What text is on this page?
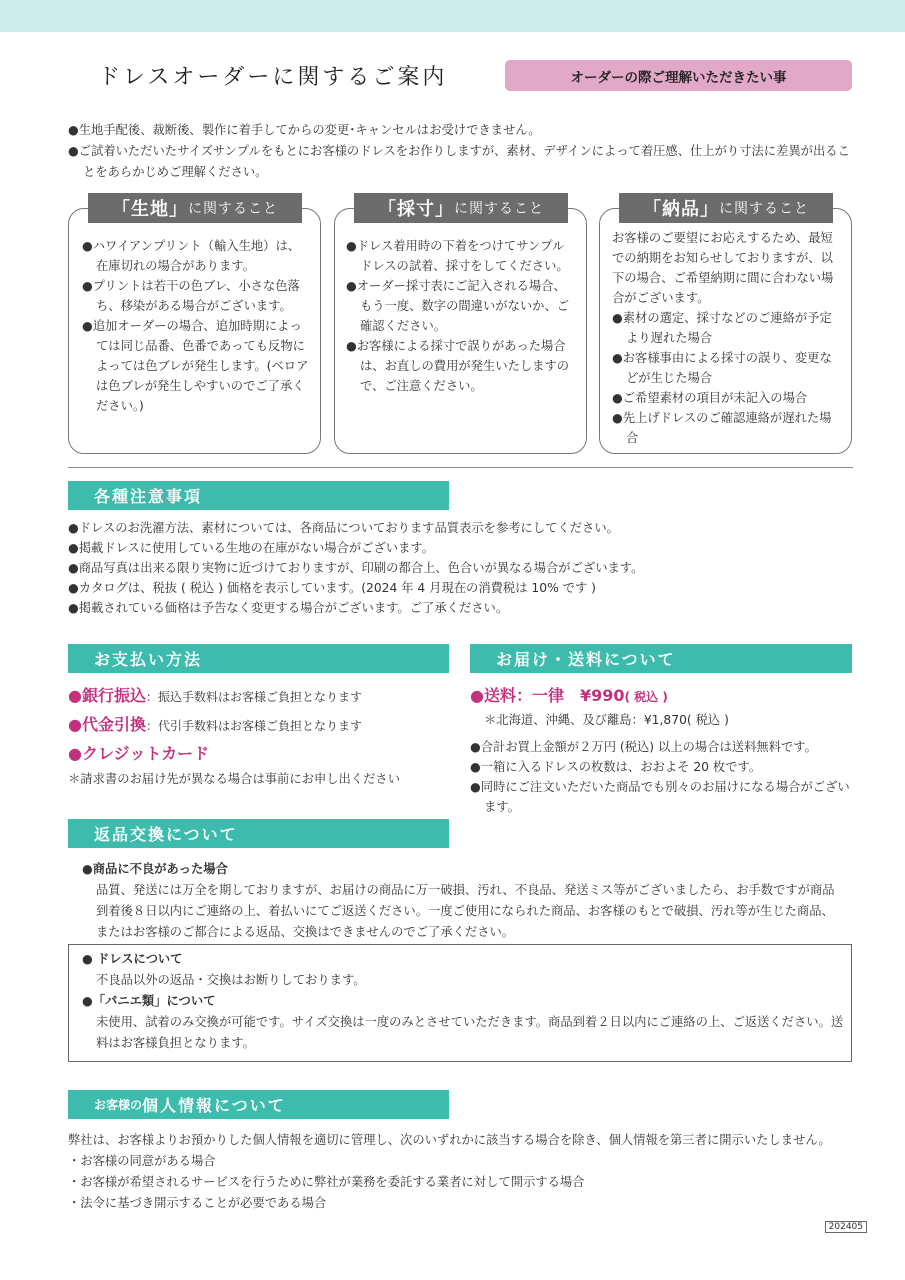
ドレスオーダーに関するご案内	オーダーの際ご理解いただきたい事

●生地手配後、裁断後、製作に着手してからの変更･キャンセルはお受けできません。

●ご試着いただいたサイズサンプルをもとにお客様のドレスをお作りしますが、素材、デザインによって着圧感、仕上がり寸法に差異が出ることをあらかじめご理解ください。

「生地」 に関すること

●ハワイアンプリント（輸入生地）は、在庫切れの場合があります。

●プリントは若干の色ブレ、小さな色落ち、移染がある場合がございます。

●追加オーダーの場合、追加時期によっては同じ品番、色番であっても反物によっては色ブレが発生します。(ベロアは色ブレが発生しやすいのでご了承ください。)

「採寸」 に関すること

●ドレス着用時の下着をつけてサンプルドレスの試着、採寸をしてください。

●オーダー採寸表にご記入される場合、もう一度、数字の間違いがないか、ご確認ください。

●お客様による採寸で誤りがあった場合は、お直しの費用が発生いたしますので、ご注意ください。

「納品」 に関すること

お客様のご要望にお応えするため、最短での納期をお知らせしておりますが、以下の場合、ご希望納期に間に合わない場合がございます。

●素材の選定、採寸などのご連絡が予定より遅れた場合

●お客様事由による採寸の誤り、変更などが生じた場合

●ご希望素材の項目が未記入の場合

●先上げドレスのご確認連絡が遅れた場合

各種注意事項

●ドレスのお洗濯方法、素材については、各商品についております品質表示を参考にしてください。

●掲載ドレスに使用している生地の在庫がない場合がございます。

●商品写真は出来る限り実物に近づけておりますが、印刷の都合上、色合いが異なる場合がございます。

●カタログは、税抜 ( 税込 ) 価格を表示しています。(2024 年 4 月現在の消費税は 10% です )

●掲載されている価格は予告なく変更する場合がございます。ご了承ください。

お支払い方法
●銀行振込：振込手数料はお客様ご負担となります
●代金引換：代引手数料はお客様ご負担となります
●クレジットカード
＊請求書のお届け先が異なる場合は事前にお申し出ください
お届け・送料について
●送料：一律　¥990( 税込 )
＊北海道、沖縄、及び離島：¥1,870( 税込 )

●合計お買上金額が２万円 (税込) 以上の場合は送料無料です。

●一箱に入るドレスの枚数は、おおよそ 20 枚です。

●同時にご注文いただいた商品でも別々のお届けになる場合がございます。

返品交換について
●商品に不良があった場合
品質、発送には万全を期しておりますが、お届けの商品に万一破損、汚れ、不良品、発送ミス等がございましたら、お手数ですが商品到着後８日以内にご連絡の上、着払いにてご返送ください。一度ご使用になられた商品、お客様のもとで破損、汚れ等が生じた商品、またはお客様のご都合による返品、交換はできませんのでご了承ください。
● ドレスについて
不良品以外の返品・交換はお断りしております。
●「パニエ類」について
未使用、試着のみ交換が可能です。サイズ交換は一度のみとさせていただきます。商品到着２日以内にご連絡の上、ご返送ください。送料はお客様負担となります。
お客様の 個人情報について

弊社は、お客様よりお預かりした個人情報を適切に管理し、次のいずれかに該当する場合を除き、個人情報を第三者に開示いたしません。

・お客様の同意がある場合

・お客様が希望されるサービスを行うために弊社が業務を委託する業者に対して開示する場合

・法令に基づき開示することが必要である場合

202405
